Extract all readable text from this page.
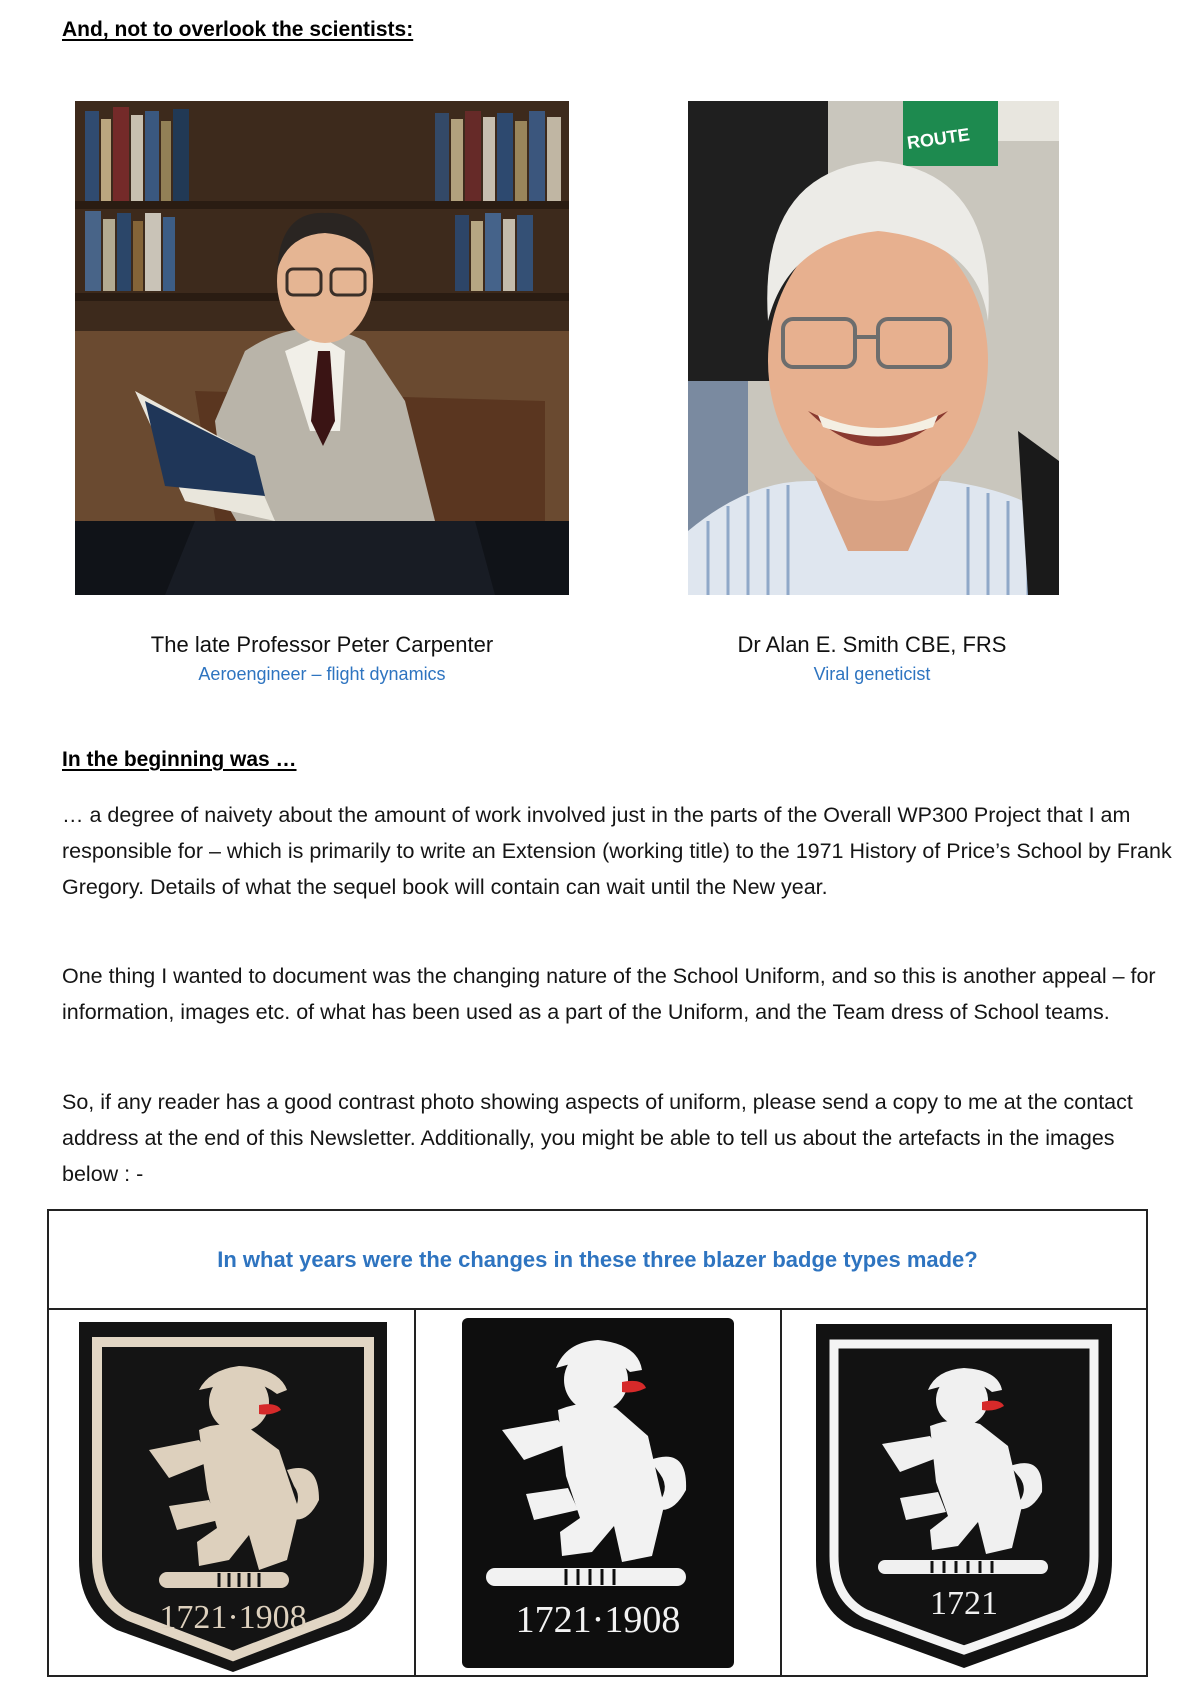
And, not to overlook the scientists:
ROUTE
The late Professor Peter Carpenter
Aeroengineer – flight dynamics
Dr Alan E. Smith CBE, FRS
Viral geneticist
In the beginning was …

… a degree of naivety about the amount of work involved just in the parts of the Overall WP300 Project that I am responsible for – which is primarily to write an Extension (working title) to the 1971 History of Price’s School by Frank Gregory. Details of what the sequel book will contain can wait until the New year.

One thing I wanted to document was the changing nature of the School Uniform, and so this is another appeal – for information, images etc. of what has been used as a part of the Uniform, and the Team dress of School teams.

So, if any reader has a good contrast photo showing aspects of uniform, please send a copy to me at the contact address at the end of this Newsletter. Additionally, you might be able to tell us about the artefacts in the images below : -

In what years were the changes in these three blazer badge types made?
1721·1908	1721·1908	1721
